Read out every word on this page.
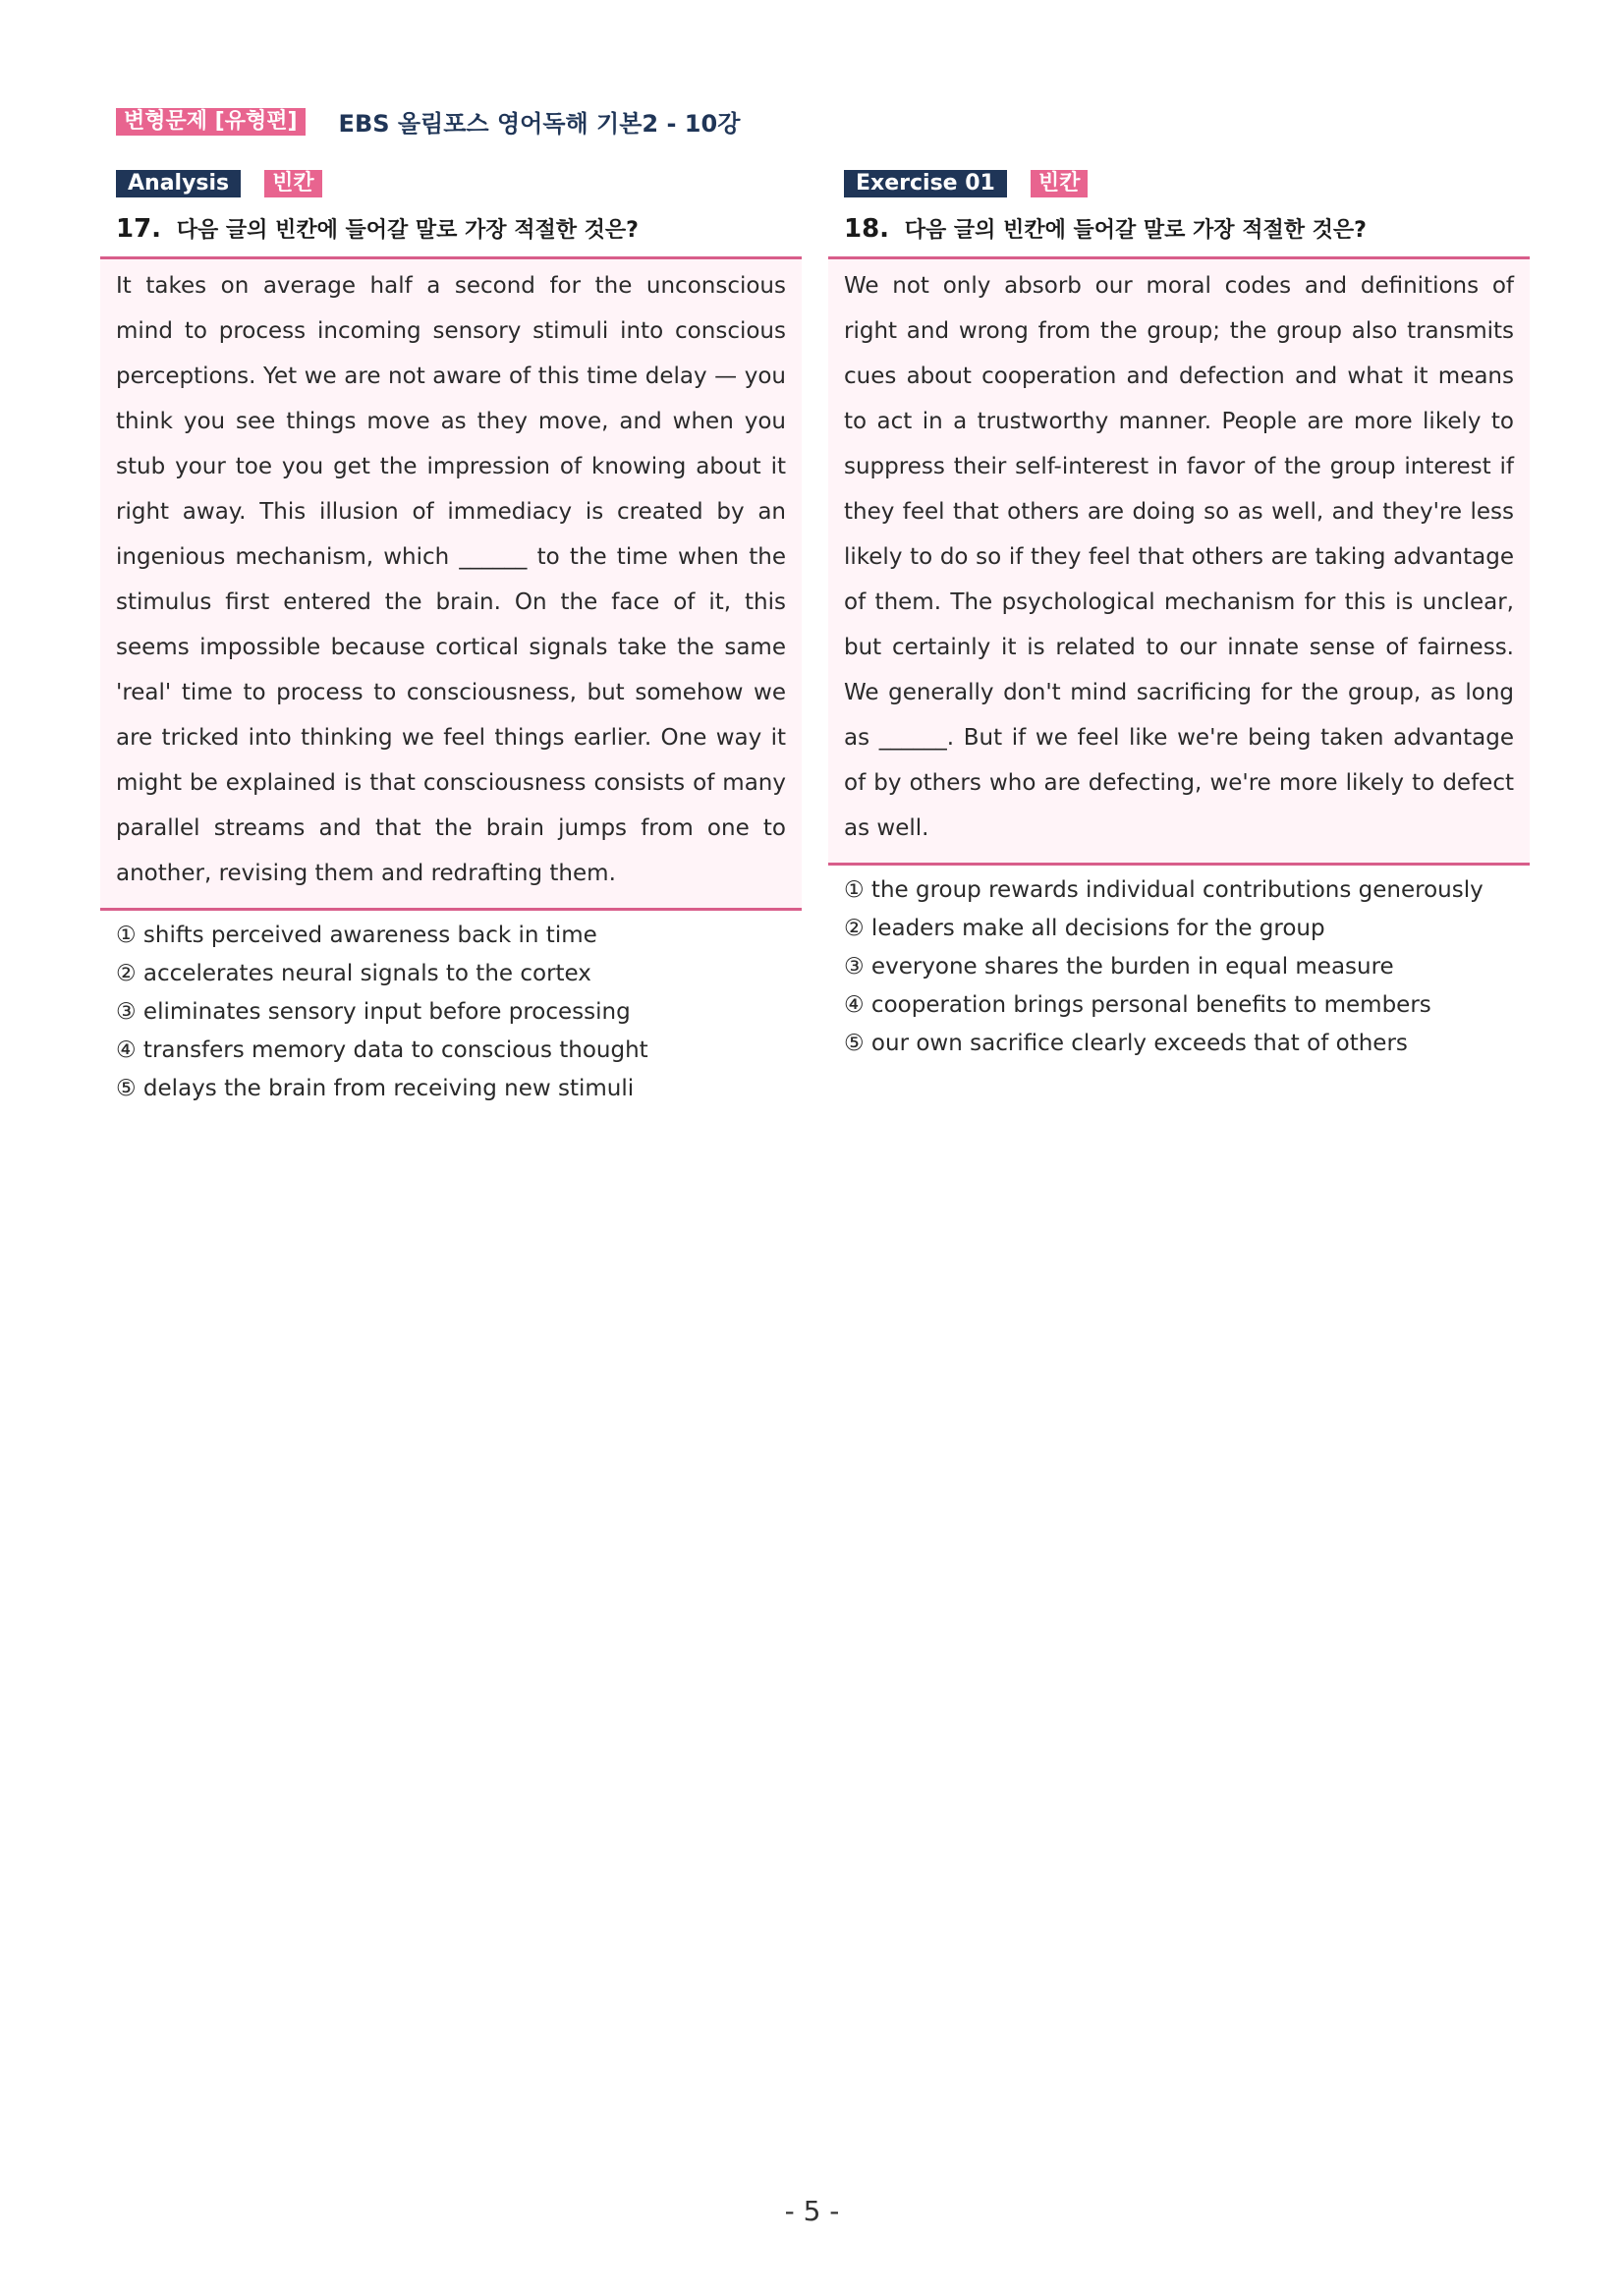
변형문제 [유형편]	EBS 올림포스 영어독해 기본2 - 10강
Analysis	빈칸
17. 다음 글의 빈칸에 들어갈 말로 가장 적절한 것은?
It takes on average half a second for the unconscious mind to process incoming sensory stimuli into conscious perceptions. Yet we are not aware of this time delay — you think you see things move as they move, and when you stub your toe you get the impression of knowing about it right away. This illusion of immediacy is created by an ingenious mechanism, which ______ to the time when the stimulus first entered the brain. On the face of it, this seems impossible because cortical signals take the same 'real' time to process to consciousness, but somehow we are tricked into thinking we feel things earlier. One way it might be explained is that consciousness consists of many parallel streams and that the brain jumps from one to another, revising them and redrafting them.
① shifts perceived awareness back in time
② accelerates neural signals to the cortex
③ eliminates sensory input before processing
④ transfers memory data to conscious thought
⑤ delays the brain from receiving new stimuli
Exercise 01	빈칸
18. 다음 글의 빈칸에 들어갈 말로 가장 적절한 것은?
We not only absorb our moral codes and definitions of right and wrong from the group; the group also transmits cues about cooperation and defection and what it means to act in a trustworthy manner. People are more likely to suppress their self-interest in favor of the group interest if they feel that others are doing so as well, and they're less likely to do so if they feel that others are taking advantage of them. The psychological mechanism for this is unclear, but certainly it is related to our innate sense of fairness. We generally don't mind sacrificing for the group, as long as ______. But if we feel like we're being taken advantage of by others who are defecting, we're more likely to defect as well.
① the group rewards individual contributions generously
② leaders make all decisions for the group
③ everyone shares the burden in equal measure
④ cooperation brings personal benefits to members
⑤ our own sacrifice clearly exceeds that of others
- 5 -
